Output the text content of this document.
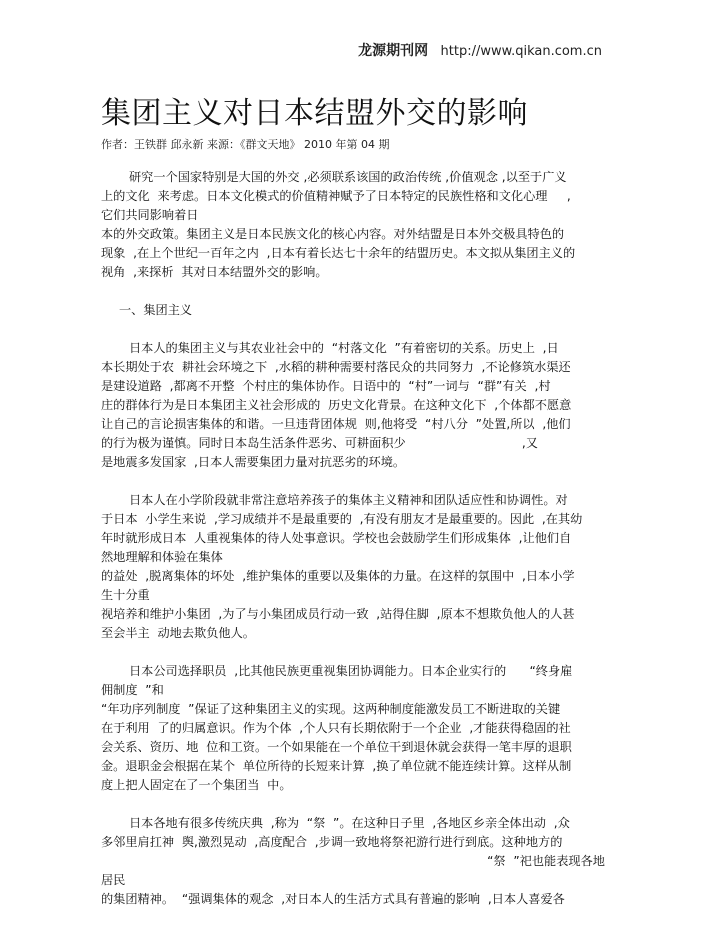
龙源期刊网 http://www.qikan.com.cn
集团主义对日本结盟外交的影响
作者：王铁群 邱永新 来源：《群文天地》 2010 年第 04 期
研究一个国家特别是大国的外交 ,必须联系该国的政治传统 ,价值观念 ,以至于广义
上的文化  来考虑。日本文化模式的价值精神赋予了日本特定的民族性格和文化心理     ,
它们共同影响着日
本的外交政策。集团主义是日本民族文化的核心内容。对外结盟是日本外交极具特色的
现象  ,在上个世纪一百年之内  ,日本有着长达七十余年的结盟历史。本文拟从集团主义的
视角  ,来探析  其对日本结盟外交的影响。
一、集团主义
日本人的集团主义与其农业社会中的  “村落文化  ”有着密切的关系。历史上  ,日
本长期处于农  耕社会环境之下  ,水稻的耕种需要村落民众的共同努力  ,不论修筑水渠还
是建设道路  ,都离不开整  个村庄的集体协作。日语中的  “村”一词与  “群”有关  ,村
庄的群体行为是日本集团主义社会形成的  历史文化背景。在这种文化下  ,个体都不愿意
让自己的言论损害集体的和谐。一旦违背团体规  则,他将受  “村八分  ”处置,所以  ,他们
的行为极为谨慎。同时日本岛生活条件恶劣、可耕面积少                              ,又
是地震多发国家  ,日本人需要集团力量对抗恶劣的环境。
日本人在小学阶段就非常注意培养孩子的集体主义精神和团队适应性和协调性。对
于日本  小学生来说  ,学习成绩并不是最重要的  ,有没有朋友才是最重要的。因此  ,在其幼
年时就形成日本  人重视集体的待人处事意识。学校也会鼓励学生们形成集体  ,让他们自
然地理解和体验在集体
的益处  ,脱离集体的坏处  ,维护集体的重要以及集体的力量。在这样的氛围中  ,日本小学
生十分重
视培养和维护小集团  ,为了与小集团成员行动一致  ,站得住脚  ,原本不想欺负他人的人甚
至会半主  动地去欺负他人。
日本公司选择职员  ,比其他民族更重视集团协调能力。日本企业实行的      “终身雇
佣制度  ”和
“年功序列制度  ”保证了这种集团主义的实现。这两种制度能激发员工不断进取的关键
在于利用  了的归属意识。作为个体  ,个人只有长期依附于一个企业  ,才能获得稳固的社
会关系、资历、地  位和工资。一个如果能在一个单位干到退休就会获得一笔丰厚的退职
金。退职金会根据在某个  单位所待的长短来计算  ,换了单位就不能连续计算。这样从制
度上把人固定在了一个集团当  中。
日本各地有很多传统庆典  ,称为  “祭  ”。在这种日子里  ,各地区乡亲全体出动  ,众
多邻里肩扛神  舆,激烈晃动  ,高度配合  ,步调一致地将祭祀游行进行到底。这种地方的
“祭  ”祀也能表现各地
居民
的集团精神。  “强调集体的观念  ,对日本人的生活方式具有普遍的影响  ,日本人喜爱各
